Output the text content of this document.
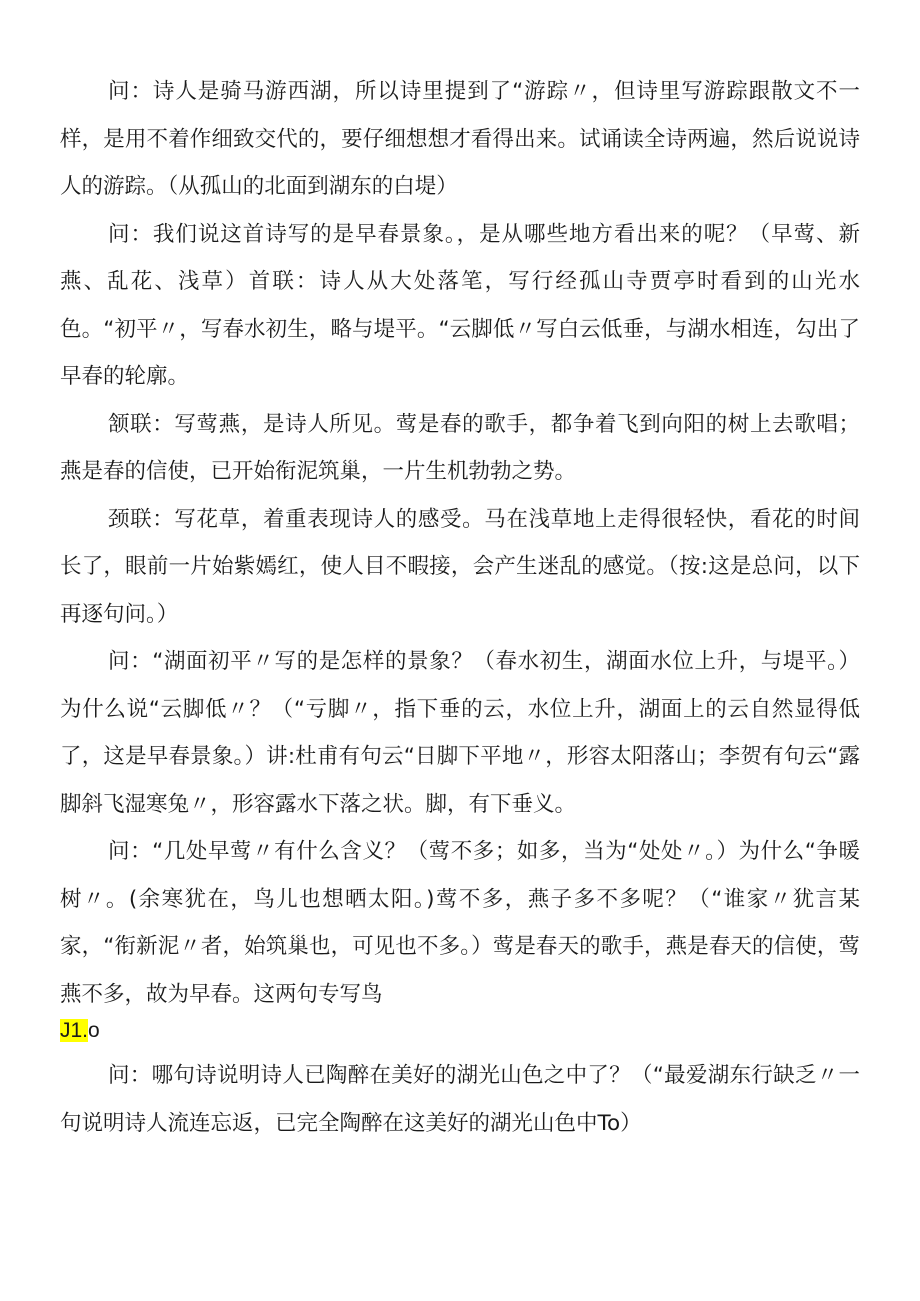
问：诗人是骑马游西湖，所以诗里提到了“游踪〃，但诗里写游踪跟散文不一样，是用不着作细致交代的，要仔细想想才看得出来。试诵读全诗两遍，然后说说诗人的游踪。（从孤山的北面到湖东的白堤）

问：我们说这首诗写的是早春景象。，是从哪些地方看出来的呢？（早莺、新燕、乱花、浅草）首联：诗人从大处落笔，写行经孤山寺贾亭时看到的山光水色。“初平〃，写春水初生，略与堤平。“云脚低〃写白云低垂，与湖水相连，勾出了早春的轮廓。

颔联：写莺燕，是诗人所见。莺是春的歌手，都争着飞到向阳的树上去歌唱；燕是春的信使，已开始衔泥筑巢，一片生机勃勃之势。

颈联：写花草，着重表现诗人的感受。马在浅草地上走得很轻快，看花的时间长了，眼前一片始紫嫣红，使人目不暇接，会产生迷乱的感觉。（按:这是总问，以下再逐句问。）

问：“湖面初平〃写的是怎样的景象？（春水初生，湖面水位上升，与堤平。）为什么说“云脚低〃？（“亏脚〃，指下垂的云，水位上升，湖面上的云自然显得低了，这是早春景象。）讲:杜甫有句云“日脚下平地〃，形容太阳落山；李贺有句云“露脚斜飞湿寒兔〃，形容露水下落之状。脚，有下垂义。

问：“几处早莺〃有什么含义？（莺不多；如多，当为“处处〃。）为什么“争暖树〃。(余寒犹在，鸟儿也想晒太阳。)莺不多，燕子多不多呢？（“谁家〃犹言某家，“衔新泥〃者，始筑巢也，可见也不多。）莺是春天的歌手，燕是春天的信使，莺燕不多，故为早春。这两句专写鸟

J1.o

问：哪句诗说明诗人已陶醉在美好的湖光山色之中了？（“最爱湖东行缺乏〃一句说明诗人流连忘返，已完全陶醉在这美好的湖光山色中To）
